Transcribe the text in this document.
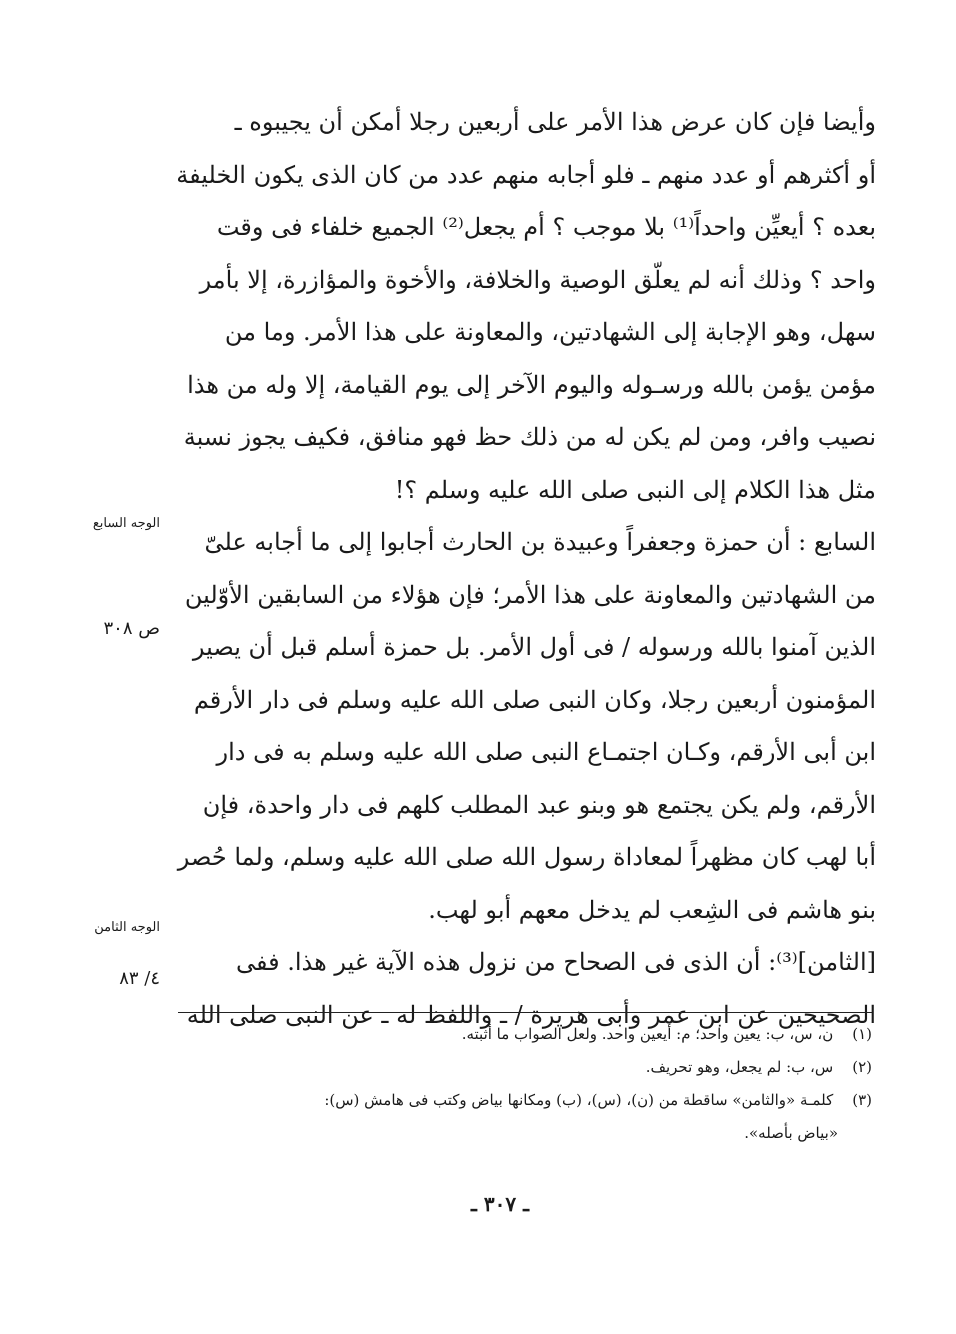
وأيضا فإن كان عرض هذا الأمر على أربعين رجلا أمكن أن يجيبوه ـ
أو أكثرهم أو عدد منهم ـ فلو أجابه منهم عدد من كان الذى يكون الخليفة
بعده ؟ أيعيِّن واحداً⁽¹⁾ بلا موجب ؟ أم يجعل⁽²⁾ الجميع خلفاء فى وقت
واحد ؟ وذلك أنه لم يعلّق الوصية والخلافة، والأخوة والمؤازرة، إلا بأمر
سهل، وهو الإجابة إلى الشهادتين، والمعاونة على هذا الأمر. وما من
مؤمن يؤمن بالله ورسـوله واليوم الآخر إلى يوم القيامة، إلا وله من هذا
نصيب وافر، ومن لم يكن له من ذلك حظ فهو منافق، فكيف يجوز نسبة
مثل هذا الكلام إلى النبى صلى الله عليه وسلم ؟!
السابع : أن حمزة وجعفراً وعبيدة بن الحارث أجابوا إلى ما أجابه علىّ
من الشهادتين والمعاونة على هذا الأمر؛ فإن هؤلاء من السابقين الأوّلين
الذين آمنوا بالله ورسوله / فى أول الأمر. بل حمزة أسلم قبل أن يصير
المؤمنون أربعين رجلا، وكان النبى صلى الله عليه وسلم فى دار الأرقم
ابن أبى الأرقم، وكـان اجتمـاع النبى صلى الله عليه وسلم به فى دار
الأرقم، ولم يكن يجتمع هو وبنو عبد المطلب كلهم فى دار واحدة، فإن
أبا لهب كان مظهراً لمعاداة رسول الله صلى الله عليه وسلم، ولما حُصر
بنو هاشم فى الشِعب لم يدخل معهم أبو لهب.
[الثامن]⁽³⁾: أن الذى فى الصحاح من نزول هذه الآية غير هذا. ففى
الصحيحين عن ابن عمر وأبى هريرة / ـ واللفظ له ـ عن النبى صلى الله
الوجه السابع
ص ٣٠٨
الوجه الثامن
٤/ ٨٣
(١) ن، س، ب: يعين واحد؛ م: أيعين واحد. ولعل الصواب ما أثبته.
(٢) س، ب: لم يجعل، وهو تحريف.
(٣) كلمـة «والثامن» ساقطة من (ن)، (س)، (ب) ومكانها بياض وكتب فى هامش (س):
«بياض بأصله».
ـ ٣٠٧ ـ
